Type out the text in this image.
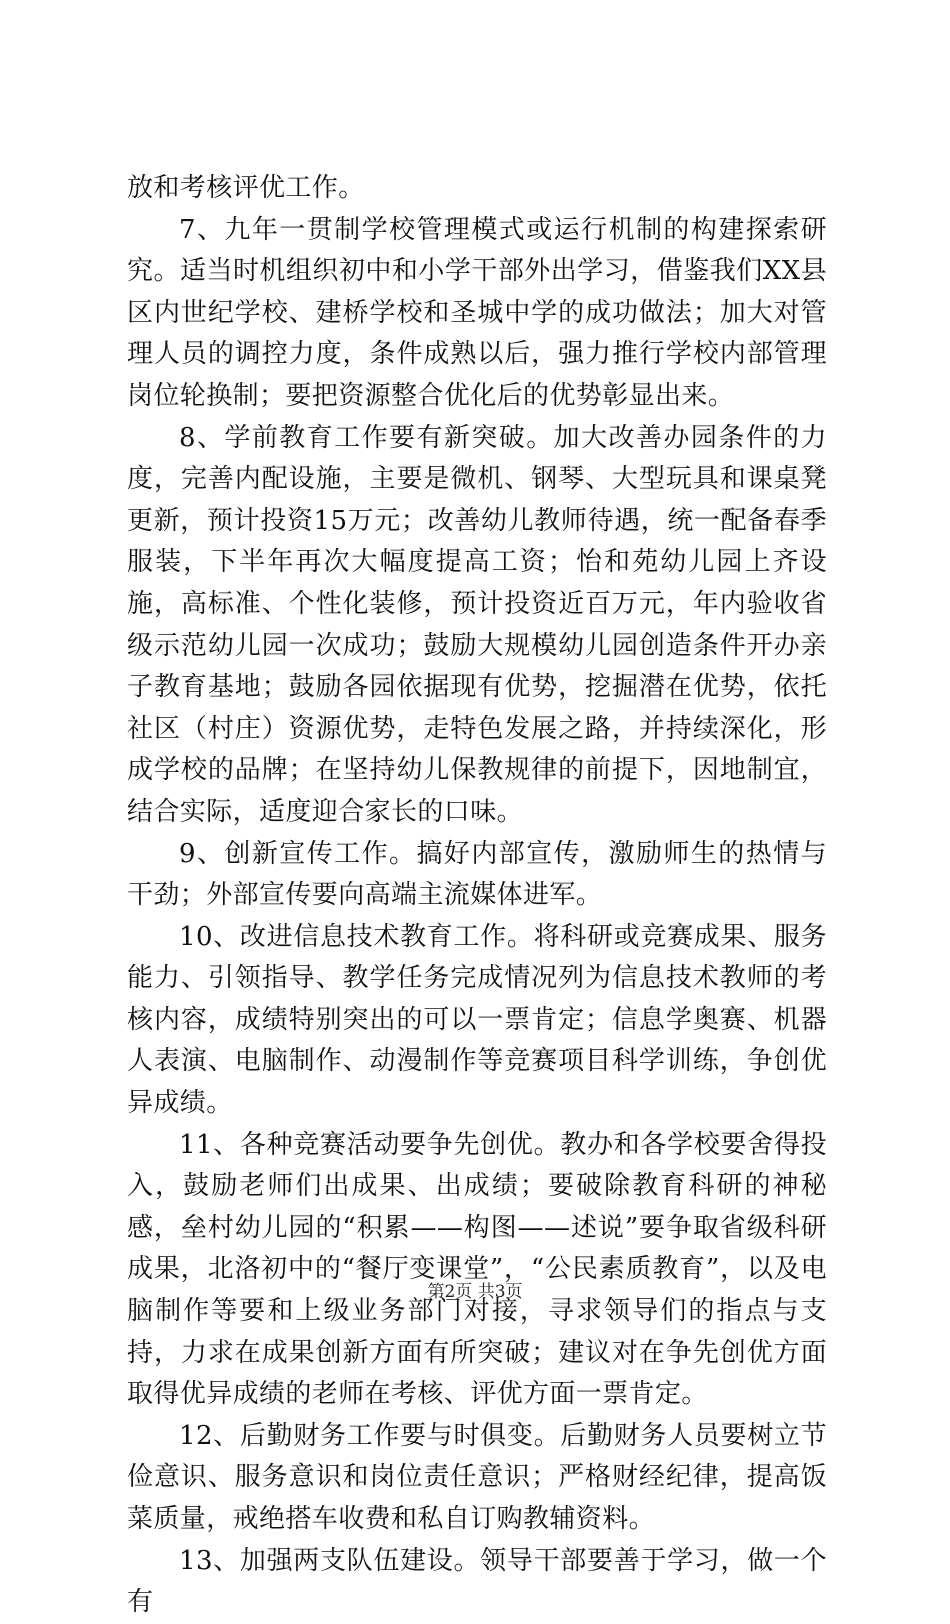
放和考核评优工作。

7、九年一贯制学校管理模式或运行机制的构建探索研究。适当时机组织初中和小学干部外出学习，借鉴我们XX县区内世纪学校、建桥学校和圣城中学的成功做法；加大对管理人员的调控力度，条件成熟以后，强力推行学校内部管理岗位轮换制；要把资源整合优化后的优势彰显出来。

8、学前教育工作要有新突破。加大改善办园条件的力度，完善内配设施，主要是微机、钢琴、大型玩具和课桌凳更新，预计投资15万元；改善幼儿教师待遇，统一配备春季服装，下半年再次大幅度提高工资；怡和苑幼儿园上齐设施，高标准、个性化装修，预计投资近百万元，年内验收省级示范幼儿园一次成功；鼓励大规模幼儿园创造条件开办亲子教育基地；鼓励各园依据现有优势，挖掘潜在优势，依托社区（村庄）资源优势，走特色发展之路，并持续深化，形成学校的品牌；在坚持幼儿保教规律的前提下，因地制宜，结合实际，适度迎合家长的口味。

9、创新宣传工作。搞好内部宣传，激励师生的热情与干劲；外部宣传要向高端主流媒体进军。

10、改进信息技术教育工作。将科研或竞赛成果、服务能力、引领指导、教学任务完成情况列为信息技术教师的考核内容，成绩特别突出的可以一票肯定；信息学奥赛、机器人表演、电脑制作、动漫制作等竞赛项目科学训练，争创优异成绩。

11、各种竞赛活动要争先创优。教办和各学校要舍得投入，鼓励老师们出成果、出成绩；要破除教育科研的神秘感，垒村幼儿园的“积累——构图——述说”要争取省级科研成果，北洛初中的“餐厅变课堂”，“公民素质教育”，以及电脑制作等要和上级业务部门对接，寻求领导们的指点与支持，力求在成果创新方面有所突破；建议对在争先创优方面取得优异成绩的老师在考核、评优方面一票肯定。

12、后勤财务工作要与时俱变。后勤财务人员要树立节俭意识、服务意识和岗位责任意识；严格财经纪律，提高饭菜质量，戒绝搭车收费和私自订购教辅资料。

13、加强两支队伍建设。领导干部要善于学习，做一个有

第2页 共3页
